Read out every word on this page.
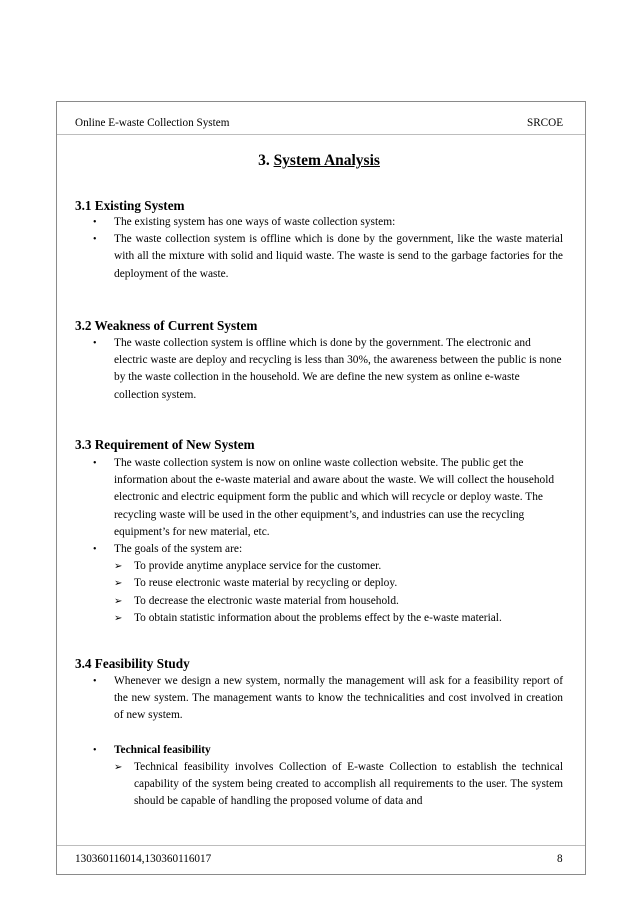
Online E-waste Collection System	SRCOE
3. System Analysis
3.1 Existing System
• The existing system has one ways of waste collection system:
• The waste collection system is offline which is done by the government, like the waste material with all the mixture with solid and liquid waste. The waste is send to the garbage factories for the deployment of the waste.
3.2 Weakness of Current System
• The waste collection system is offline which is done by the government. The electronic and electric waste are deploy and recycling is less than 30%, the awareness between the public is none by the waste collection in the household. We are define the new system as online e-waste collection system.
3.3 Requirement of New System
• The waste collection system is now on online waste collection website. The public get the information about the e-waste material and aware about the waste. We will collect the household electronic and electric equipment form the public and which will recycle or deploy waste. The recycling waste will be used in the other equipment’s, and industries can use the recycling equipment’s for new material, etc.
• The goals of the system are:
➢ To provide anytime anyplace service for the customer.
➢ To reuse electronic waste material by recycling or deploy.
➢ To decrease the electronic waste material from household.
➢ To obtain statistic information about the problems effect by the e-waste material.
3.4 Feasibility Study
• Whenever we design a new system, normally the management will ask for a feasibility report of the new system. The management wants to know the technicalities and cost involved in creation of new system.
• Technical feasibility
➢ Technical feasibility involves Collection of E-waste Collection to establish the technical capability of the system being created to accomplish all requirements to the user. The system should be capable of handling the proposed volume of data and
130360116014,130360116017	8
